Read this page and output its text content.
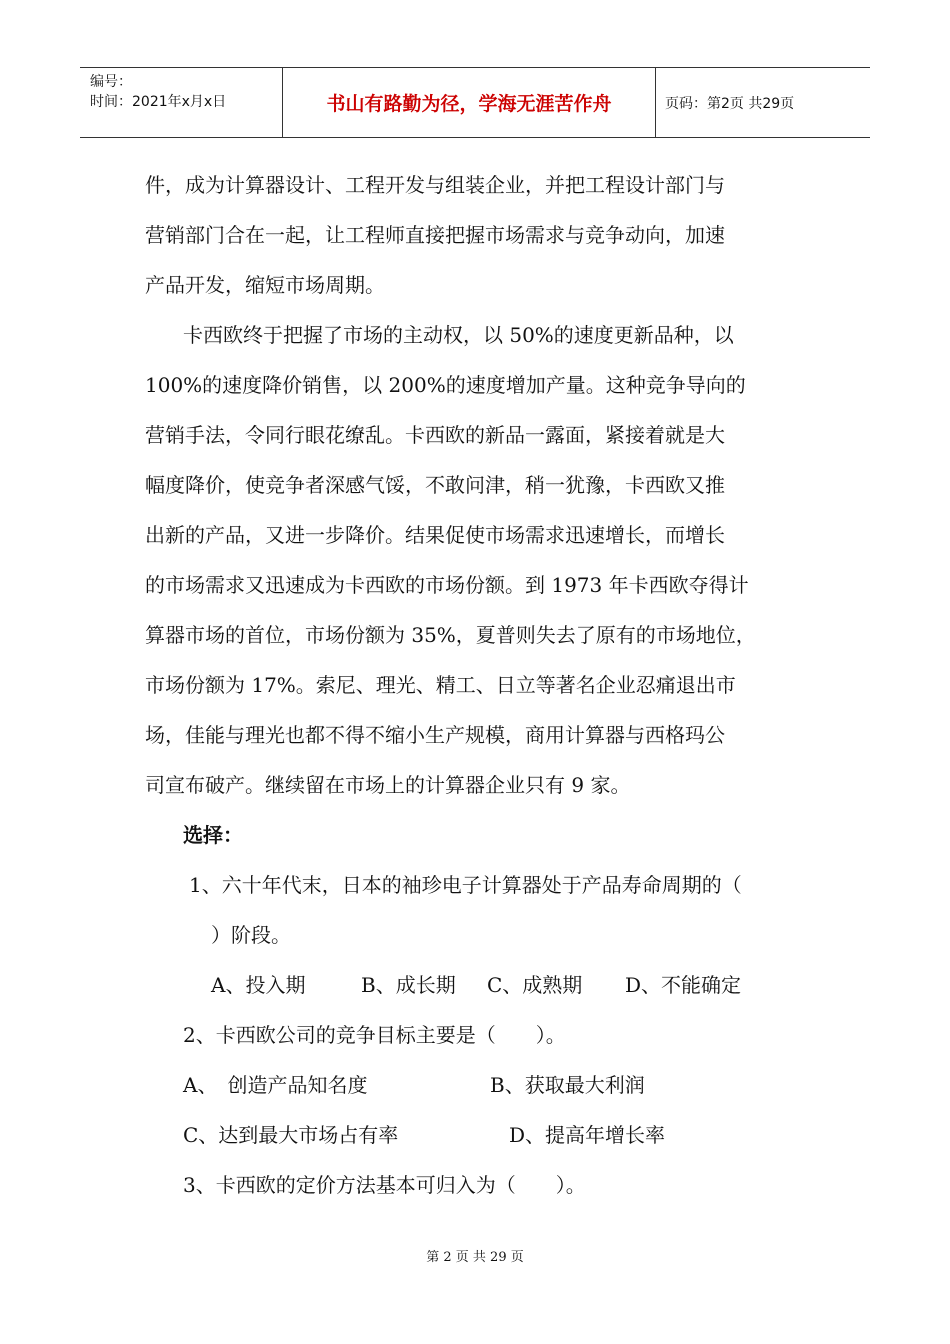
编号：
时间：2021年x月x日	书山有路勤为径，学海无涯苦作舟	页码：第2页 共29页

件，成为计算器设计、工程开发与组装企业，并把工程设计部门与

营销部门合在一起，让工程师直接把握市场需求与竞争动向，加速

产品开发，缩短市场周期。

卡西欧终于把握了市场的主动权，以 50%的速度更新品种，以

100%的速度降价销售，以 200%的速度增加产量。这种竞争导向的

营销手法，令同行眼花缭乱。卡西欧的新品一露面，紧接着就是大

幅度降价，使竞争者深感气馁，不敢问津，稍一犹豫，卡西欧又推

出新的产品，又进一步降价。结果促使市场需求迅速增长，而增长

的市场需求又迅速成为卡西欧的市场份额。到 1973 年卡西欧夺得计

算器市场的首位，市场份额为 35%，夏普则失去了原有的市场地位，

市场份额为 17%。索尼、理光、精工、日立等著名企业忍痛退出市

场，佳能与理光也都不得不缩小生产规模，商用计算器与西格玛公

司宣布破产。继续留在市场上的计算器企业只有 9 家。

选择：

1、六十年代末，日本的袖珍电子计算器处于产品寿命周期的（

）阶段。

A、投入期	B、成长期	C、成熟期	D、不能确定

2、卡西欧公司的竞争目标主要是（　　）。

A、　创造产品知名度	B、获取最大利润
C、达到最大市场占有率	D、提高年增长率

3、卡西欧的定价方法基本可归入为（　　）。

第 2 页 共 29 页
